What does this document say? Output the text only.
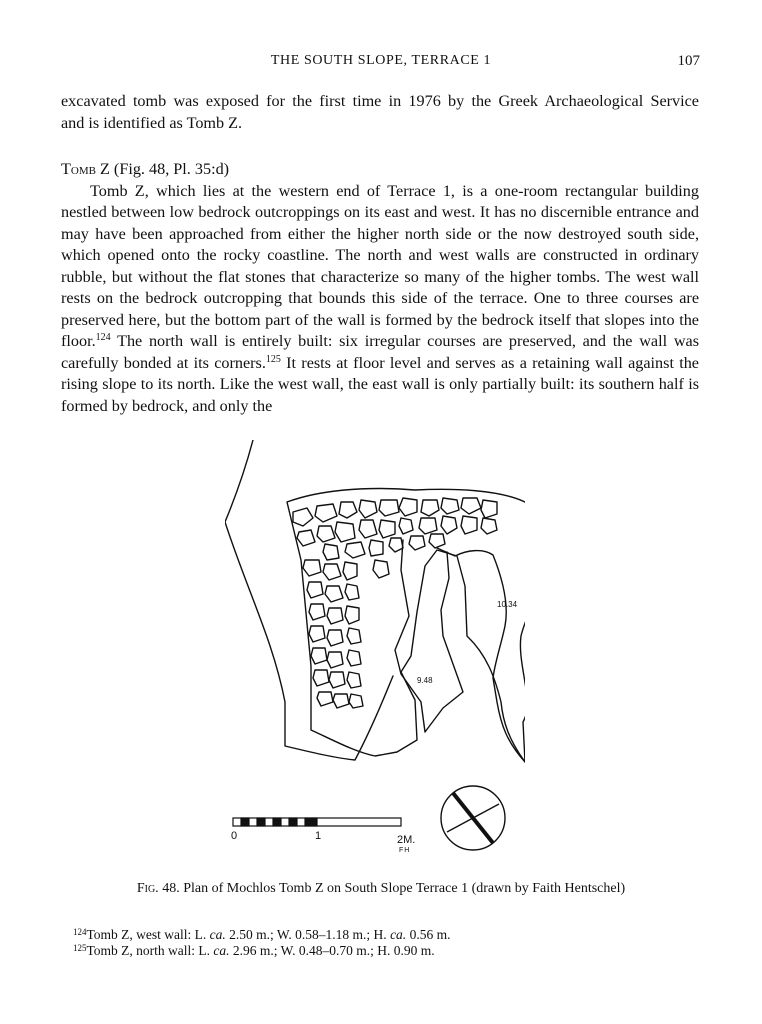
THE SOUTH SLOPE, TERRACE 1	107

excavated tomb was exposed for the first time in 1976 by the Greek Archaeological Service

and is identified as Tomb Z.

Tomb Z (Fig. 48, Pl. 35:d)

Tomb Z, which lies at the western end of Terrace 1, is a one-room rectangular building nestled between low bedrock outcroppings on its east and west. It has no discernible entrance and may have been approached from either the higher north side or the now destroyed south side, which opened onto the rocky coastline. The north and west walls are constructed in ordinary rubble, but without the flat stones that characterize so many of the higher tombs. The west wall rests on the bedrock outcropping that bounds this side of the terrace. One to three courses are preserved here, but the bottom part of the wall is formed by the bedrock itself that slopes into the floor.$^{124}$ The north wall is entirely built: six irregular courses are preserved, and the wall was carefully bonded at its corners.$^{125}$ It rests at floor level and serves as a retaining wall against the rising slope to its north. Like the west wall, the east wall is only partially built: its southern half is formed by bedrock, and only the

10.34
9.48
0	1	2M.
FH
Fig. 48. Plan of Mochlos Tomb Z on South Slope Terrace 1 (drawn by Faith Hentschel)

$^{124}$Tomb Z, west wall: L. ca. 2.50 m.; W. 0.58–1.18 m.; H. ca. 0.56 m.

$^{125}$Tomb Z, north wall: L. ca. 2.96 m.; W. 0.48–0.70 m.; H. 0.90 m.
